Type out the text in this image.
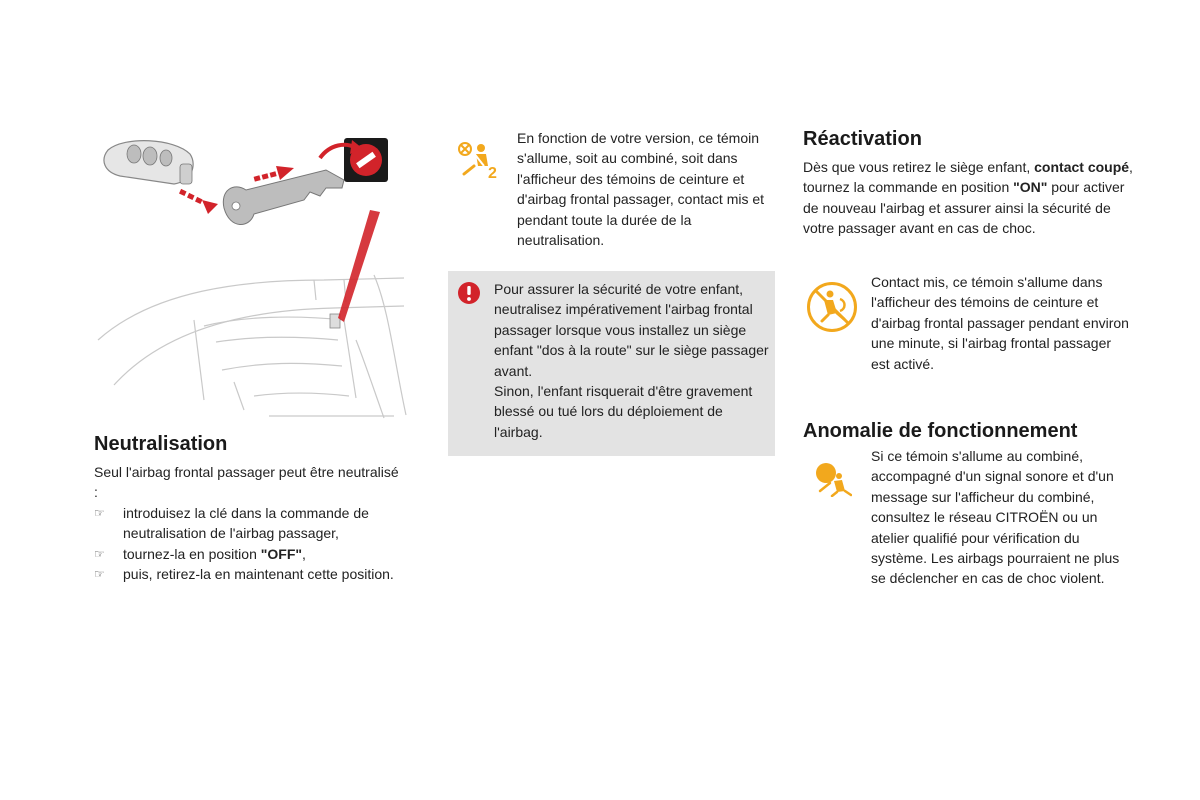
Neutralisation
Seul l'airbag frontal passager peut être neutralisé :
☞ introduisez la clé dans la commande de neutralisation de l'airbag passager,
☞ tournez-la en position "OFF",
☞ puis, retirez-la en maintenant cette position.
2
En fonction de votre version, ce témoin s'allume, soit au combiné, soit dans l'afficheur des témoins de ceinture et d'airbag frontal passager, contact mis et pendant toute la durée de la neutralisation.
Pour assurer la sécurité de votre enfant, neutralisez impérativement l'airbag frontal passager lorsque vous installez un siège enfant "dos à la route" sur le siège passager avant.
Sinon, l'enfant risquerait d'être gravement blessé ou tué lors du déploiement de l'airbag.
Réactivation
Dès que vous retirez le siège enfant, contact coupé, tournez la commande en position "ON" pour activer de nouveau l'airbag et assurer ainsi la sécurité de votre passager avant en cas de choc.
Contact mis, ce témoin s'allume dans l'afficheur des témoins de ceinture et d'airbag frontal passager pendant environ une minute, si l'airbag frontal passager est activé.
Anomalie de fonctionnement
Si ce témoin s'allume au combiné, accompagné d'un signal sonore et d'un message sur l'afficheur du combiné, consultez le réseau CITROËN ou un atelier qualifié pour vérification du système. Les airbags pourraient ne plus se déclencher en cas de choc violent.
